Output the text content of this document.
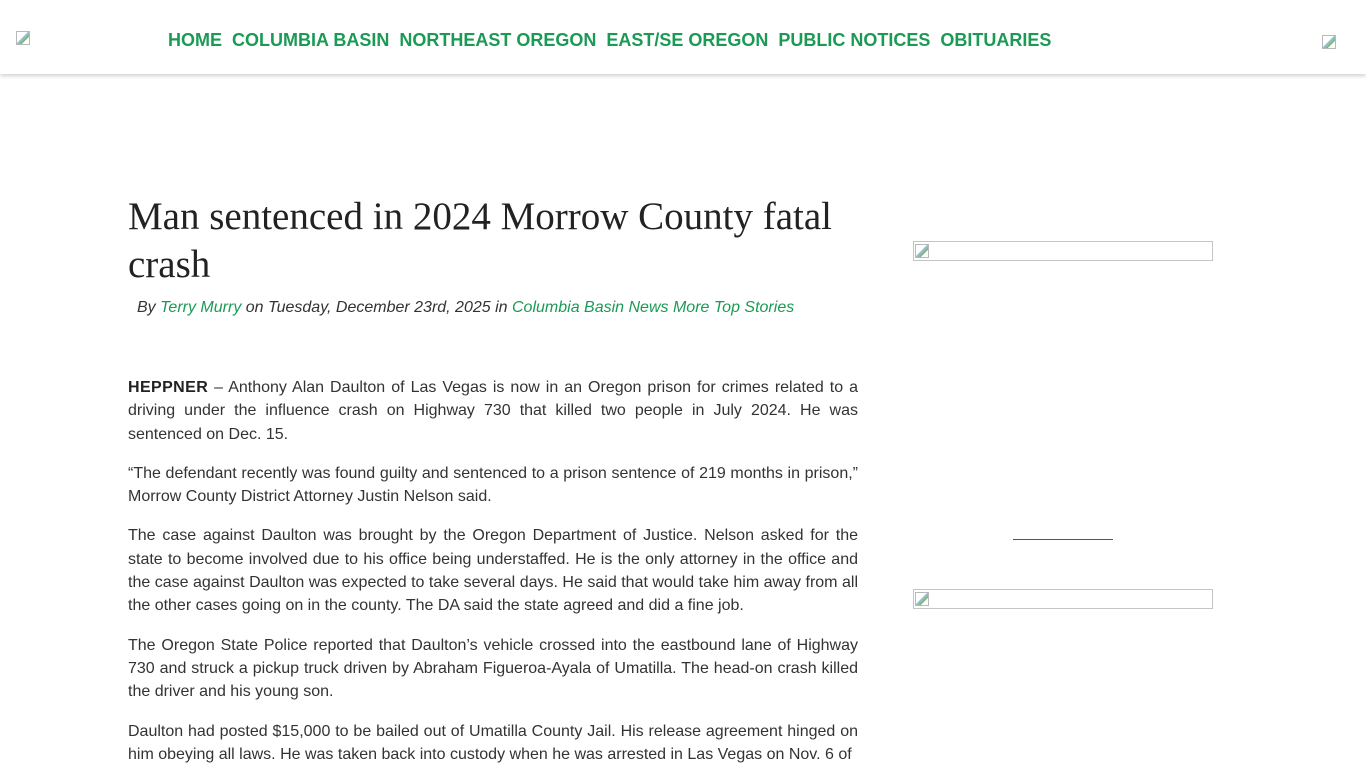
HOME COLUMBIA BASIN NORTHEAST OREGON EAST/SE OREGON PUBLIC NOTICES OBITUARIES
Man sentenced in 2024 Morrow County fatal crash
By Terry Murry on Tuesday, December 23rd, 2025 in Columbia Basin News More Top Stories

HEPPNER – Anthony Alan Daulton of Las Vegas is now in an Oregon prison for crimes related to a driving under the influence crash on Highway 730 that killed two people in July 2024. He was sentenced on Dec. 15.

“The defendant recently was found guilty and sentenced to a prison sentence of 219 months in prison,” Morrow County District Attorney Justin Nelson said.

The case against Daulton was brought by the Oregon Department of Justice. Nelson asked for the state to become involved due to his office being understaffed. He is the only attorney in the office and the case against Daulton was expected to take several days. He said that would take him away from all the other cases going on in the county. The DA said the state agreed and did a fine job.

The Oregon State Police reported that Daulton’s vehicle crossed into the eastbound lane of Highway 730 and struck a pickup truck driven by Abraham Figueroa-Ayala of Umatilla. The head-on crash killed the driver and his young son.

Daulton had posted $15,000 to be bailed out of Umatilla County Jail. His release agreement hinged on him obeying all laws. He was taken back into custody when he was arrested in Las Vegas on Nov. 6 of
